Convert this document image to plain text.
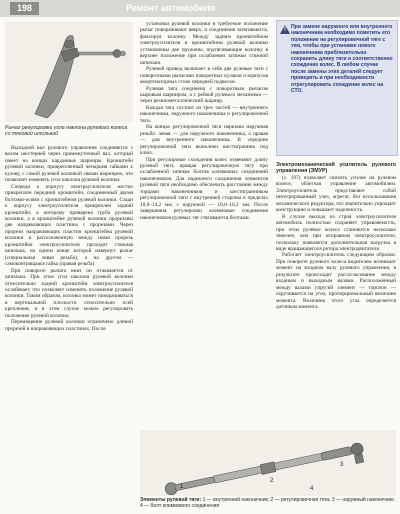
198	Ремонт автомобиля
Рычаг регулировки угла наклона рулевого колеса со тяговой шпилькой

Выходной вал рулевого управления соединяется с валом шестерней через промежуточный вал, который имеет на концах карданные шарниры. Кронштейн рулевой колонки, прикрепленный четырьмя гайками к кузову, с самой рулевой колонкой связан шарнирно, что позволяет изменять угол наклона рулевой колонки.

Спереди к корпусу электроусилителя жестко прикреплен передний кронштейн, соединенный двумя болтами-осями с кронштейном рулевой колонки. Сзади к корпусу электроусилителя прикреплен задний кронштейн, к которому приварена труба рулевой колонки, а в кронштейне рулевой колонки прорезаны две направляющих пластины с прорезями. Через прорези направляющих пластин кронштейна рулевой колонки и расположенную между ними прорезь кронштейна электроусилителя проходит стяжная шпилька, на одном конце которой навернут рычаг (специальная левая резьба), а на другом — самоконтрящаяся гайка (правая резьба).

При повороте рычага вниз он отжимается от шпильки. При этом угол наклона рулевой колонки относительно задний кронштейн электроусилителя ослабевает, что позволяет изменять положение рулевой колонки. Таким образом, колонка может поворачиваться в вертикальной плоскости относительно осей крепления, и в этом случае можно регулировать положение рулевой колонки.

Перемещение рулевой колонки ограничено длиной прорезей в направляющих пластинах. После

установки рулевой колонки в требуемое положение рычаг поворачивают вверх, и соединения затягиваются, фиксируя колонку. Между задним кронштейном электроусилителя и кронштейном рулевой колонки установлены две пружины, подтягивающие колонку в верхнее положение при ослаблении затяжки стяжной шпильки.

Рулевой привод включает в себя две рулевые тяги с поворотными рычагами поворотных кулаков и корпусов амортизаторных стоек передней подвески.

Рулевая тяга соединена с поворотным рычагом шаровым шарниром, а с рейкой рулевого механизма — через резинометаллический шарнир.

Каждая тяга состоит из трех частей — внутреннего наконечника, наружного наконечника и регулировочной тяги.

На концах регулировочной тяги нарезана наружная резьба: левая — для наружного наконечника, а правая — для внутреннего наконечника. В середине регулировочной тяги выполнен шестигранник под ключ.

При регулировке схождения колес изменяют длину рулевой тяги, вращая регулировочную тягу при ослабленной затяжке болтов клеммовых соединений наконечников. Для надежного соединения элементов рулевой тяги необходимо обеспечить расстояние между торцами наконечников и шестигранником регулировочной тяги с внутренней стороны в пределах 10,8–14,2 мм, с наружной — 10,6–16,2 мм. После завершения регулировки клеммовые соединения наконечников рулевых тяг стягиваются болтами.

! При замене наружного или внутреннего наконечника необходимо пометить его положение на регулировочной тяге с тем, чтобы при установке нового наконечника приблизительно сохранить длину тяги и соответственно схождение колес. В любом случае после замены этих деталей следует проверить и при необходимости отрегулировать схождение колес на СТО.
Электромеханический усилитель рулевого управления (ЭМУР)

(с. 197) позволяет снизить усилие на рулевом колесе, облегчая управление автомобилем. Электроусилитель представляет собой интегрированный узел, агрегат, без использования механического редуктора, что значительно упрощает конструкцию и повышает надежность.

В случае выхода из строя электроусилителя автомобиль полностью сохраняет управляемость, при этом рулевое колесо становится несколько тяжелее, чем при исправном электроусилителе, поскольку появляется дополнительная нагрузка в виде вращающегося ротора электродвигателя.

Работает электроусилитель следующим образом. При повороте рулевого колеса водителем возникает момент на входном валу рулевого управления, в результате происходит рассогласование между входным и выходным валами. Расположенный между валами упругий элемент — торсион — скручивается на угол, пропорциональный величине момента. Величина этого угла определяется датчиком момента.

1
2
3
4
Элементы рулевой тяги: 1 — внутренний наконечник; 2 — регулировочная тяга; 3 — наружный наконечник; 4 — болт клеммового соединения
